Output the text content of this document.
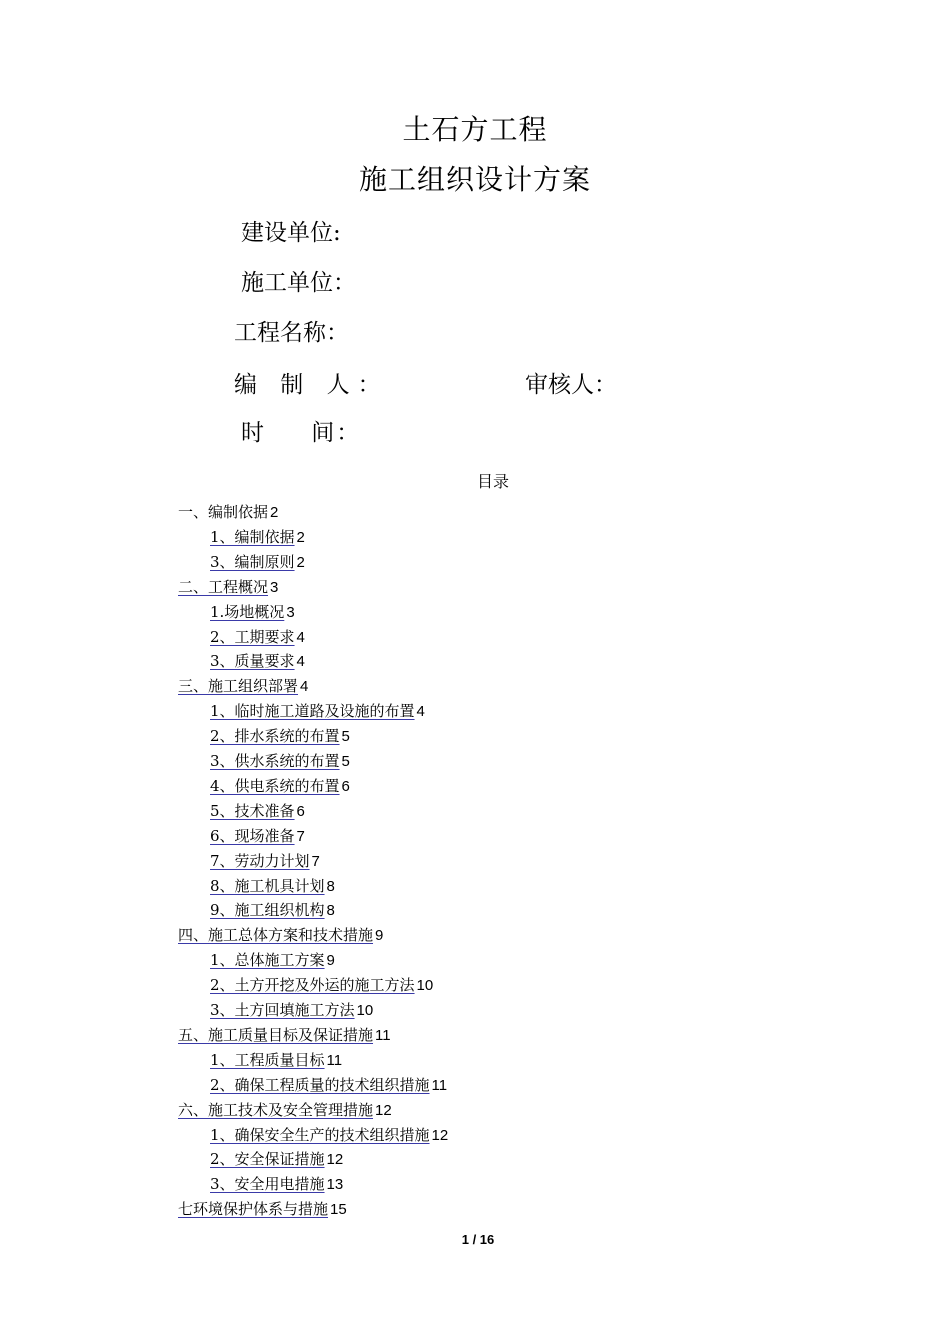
土石方工程
施工组织设计方案
建设单位:
施工单位：
工程名称：
编 制 人：	审核人：
时 间：
目录
一、编制依据 2
1、编制依据 2
3、编制原则 2
二、工程概况 3
1.场地概况 3
2、工期要求 4
3、质量要求 4
三、施工组织部署 4
1、临时施工道路及设施的布置 4
2、排水系统的布置 5
3、供水系统的布置 5
4、供电系统的布置 6
5、技术准备 6
6、现场准备 7
7、劳动力计划 7
8、施工机具计划 8
9、施工组织机构 8
四、施工总体方案和技术措施 9
1、总体施工方案 9
2、土方开挖及外运的施工方法 10
3、土方回填施工方法 10
五、施工质量目标及保证措施 11
1、工程质量目标 11
2、确保工程质量的技术组织措施 11
六、施工技术及安全管理措施 12
1、确保安全生产的技术组织措施 12
2、安全保证措施 12
3、安全用电措施 13
七环境保护体系与措施 15
1 / 16
